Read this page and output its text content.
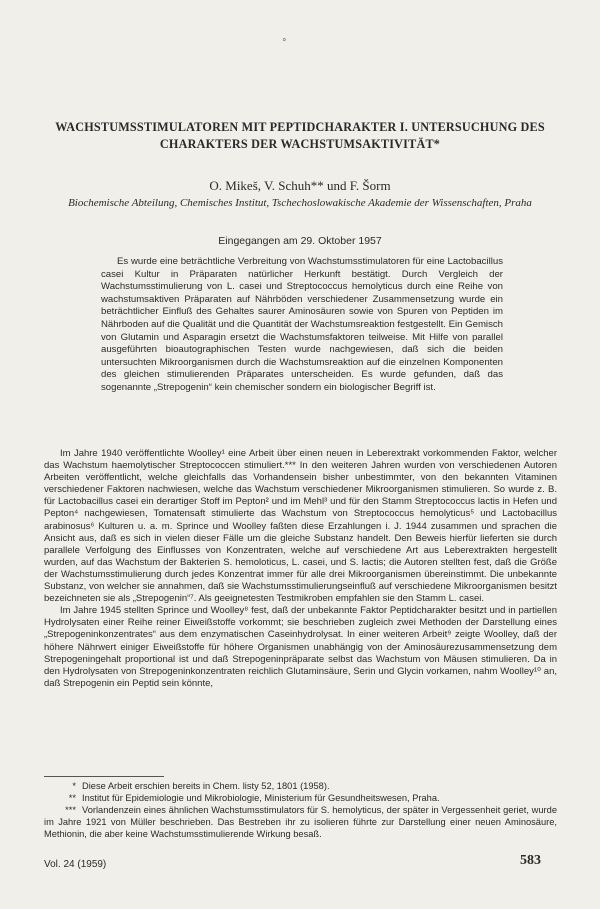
°
WACHSTUMSSTIMULATOREN MIT PEPTIDCHARAKTER I. UNTERSUCHUNG DES CHARAKTERS DER WACHSTUMSAKTIVITÄT*
O. Mikeš, V. Schuh** und F. Šorm
Biochemische Abteilung, Chemisches Institut, Tschechoslowakische Akademie der Wissenschaften, Praha
Eingegangen am 29. Oktober 1957
Es wurde eine beträchtliche Verbreitung von Wachstumsstimulatoren für eine Lactobacillus casei Kultur in Präparaten natürlicher Herkunft bestätigt. Durch Vergleich der Wachstumsstimulierung von L. casei und Streptococcus hemolyticus durch eine Reihe von wachstumsaktiven Präparaten auf Nährböden verschiedener Zusammensetzung wurde ein beträchtlicher Einfluß des Gehaltes saurer Aminosäuren sowie von Spuren von Peptiden im Nährboden auf die Qualität und die Quantität der Wachstumsreaktion festgestellt. Ein Gemisch von Glutamin und Asparagin ersetzt die Wachstumsfaktoren teilweise. Mit Hilfe von parallel ausgeführten bioautographischen Testen wurde nachgewiesen, daß sich die beiden untersuchten Mikroorganismen durch die Wachstumsreaktion auf die einzelnen Komponenten des gleichen stimulierenden Präparates unterscheiden. Es wurde gefunden, daß das sogenannte „Strepogenin“ kein chemischer sondern ein biologischer Begriff ist.

Im Jahre 1940 veröffentlichte Woolley¹ eine Arbeit über einen neuen in Leberextrakt vorkommenden Faktor, welcher das Wachstum haemolytischer Streptococcen stimuliert.*** In den weiteren Jahren wurden von verschiedenen Autoren Arbeiten veröffentlicht, welche gleichfalls das Vorhandensein bisher unbestimmter, von den bekannten Vitaminen verschiedener Faktoren nachwiesen, welche das Wachstum verschiedener Mikroorganismen stimulieren. So wurde z. B. für Lactobacillus casei ein derartiger Stoff im Pepton² und im Mehl³ und für den Stamm Streptococcus lactis in Hefen und Pepton⁴ nachgewiesen, Tomatensaft stimulierte das Wachstum von Streptococcus hemolyticus⁵ und Lactobacillus arabinosus⁶ Kulturen u. a. m. Sprince und Woolley faßten diese Erzahlungen i. J. 1944 zusammen und sprachen die Ansicht aus, daß es sich in vielen dieser Fälle um die gleiche Substanz handelt. Den Beweis hierfür lieferten sie durch parallele Verfolgung des Einflusses von Konzentraten, welche auf verschiedene Art aus Leberextrakten hergestellt wurden, auf das Wachstum der Bakterien S. hemoloticus, L. casei, und S. lactis; die Autoren stellten fest, daß die Größe der Wachstumsstimulierung durch jedes Konzentrat immer für alle drei Mikroorganismen übereinstimmt. Die unbekannte Substanz, von welcher sie annahmen, daß sie Wachstumsstimulierungseinfluß auf verschiedene Mikroorganismen besitzt bezeichneten sie als „Strepogenin“⁷. Als geeignetesten Testmikroben empfahlen sie den Stamm L. casei.

Im Jahre 1945 stellten Sprince und Woolley⁸ fest, daß der unbekannte Faktor Peptidcharakter besitzt und in partiellen Hydrolysaten einer Reihe reiner Eiweißstoffe vorkommt; sie beschrieben zugleich zwei Methoden der Darstellung eines „Strepogeninkonzentrates“ aus dem enzymatischen Caseinhydrolysat. In einer weiteren Arbeit⁹ zeigte Woolley, daß der höhere Nährwert einiger Eiweißstoffe für höhere Organismen unabhängig von der Aminosäurezusammensetzung dem Strepogeningehalt proportional ist und daß Strepogeninpräparate selbst das Wachstum von Mäusen stimulieren. Da in den Hydrolysaten von Strepogeninkonzentraten reichlich Glutaminsäure, Serin und Glycin vorkamen, nahm Woolley¹⁰ an, daß Strepogenin ein Peptid sein könnte,

* Diese Arbeit erschien bereits in Chem. listy 52, 1801 (1958).

** Institut für Epidemiologie und Mikrobiologie, Ministerium für Gesundheitswesen, Praha.

*** Vorlandenzein eines ähnlichen Wachstumsstimulators für S. hemolyticus, der später in Vergessenheit geriet, wurde im Jahre 1921 von Müller beschrieben. Das Bestreben ihr zu isolieren führte zur Darstellung einer neuen Aminosäure, Methionin, die aber keine Wachstumsstimulierende Wirkung besaß.

Vol. 24 (1959)	583
